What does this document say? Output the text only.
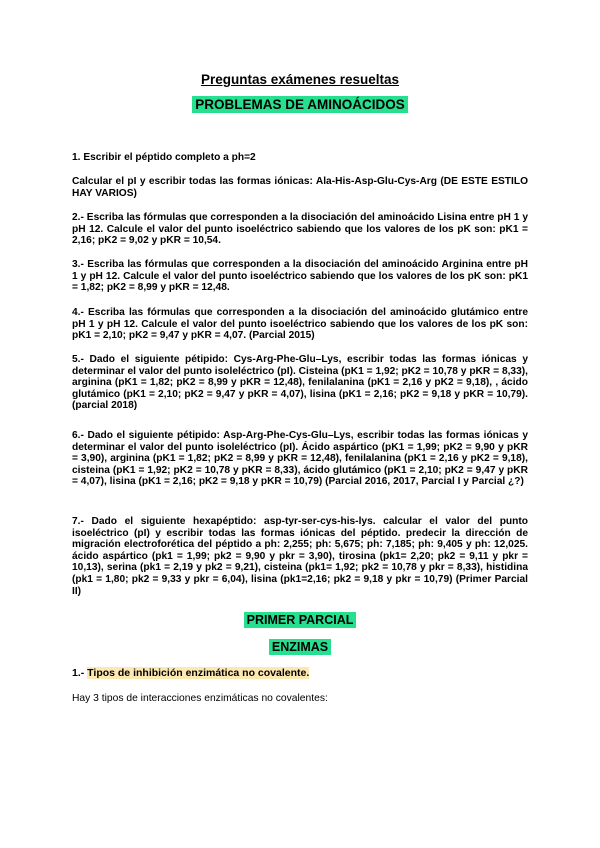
Preguntas exámenes resueltas
PROBLEMAS DE AMINOÁCIDOS

1. Escribir el péptido completo a ph=2

Calcular el pI y escribir todas las formas iónicas: Ala-His-Asp-Glu-Cys-Arg (DE ESTE ESTILO HAY VARIOS)

2.- Escriba las fórmulas que corresponden a la disociación del aminoácido Lisina entre pH 1 y pH 12. Calcule el valor del punto isoeléctrico sabiendo que los valores de los pK son: pK1 = 2,16; pK2 = 9,02 y pKR = 10,54.

3.- Escriba las fórmulas que corresponden a la disociación del aminoácido Arginina entre pH 1 y pH 12. Calcule el valor del punto isoeléctrico sabiendo que los valores de los pK son: pK1 = 1,82; pK2 = 8,99 y pKR = 12,48.

4.- Escriba las fórmulas que corresponden a la disociación del aminoácido glutámico entre pH 1 y pH 12. Calcule el valor del punto isoeléctrico sabiendo que los valores de los pK son: pK1 = 2,10; pK2 = 9,47 y pKR = 4,07. (Parcial 2015)

5.- Dado el siguiente pétipido: Cys-Arg-Phe-Glu–Lys, escribir todas las formas iónicas y determinar el valor del punto isoleléctrico (pI). Cisteina (pK1 = 1,92; pK2 = 10,78 y pKR = 8,33), arginina (pK1 = 1,82; pK2 = 8,99 y pKR = 12,48), fenilalanina (pK1 = 2,16 y pK2 = 9,18), , ácido glutámico (pK1 = 2,10; pK2 = 9,47 y pKR = 4,07), lisina (pK1 = 2,16; pK2 = 9,18 y pKR = 10,79). (parcial 2018)

6.- Dado el siguiente pétipido: Asp-Arg-Phe-Cys-Glu–Lys, escribir todas las formas iónicas y determinar el valor del punto isoleléctrico (pI). Ácido aspártico (pK1 = 1,99; pK2 = 9,90 y pKR = 3,90), arginina (pK1 = 1,82; pK2 = 8,99 y pKR = 12,48), fenilalanina (pK1 = 2,16 y pK2 = 9,18), cisteina (pK1 = 1,92; pK2 = 10,78 y pKR = 8,33), ácido glutámico (pK1 = 2,10; pK2 = 9,47 y pKR = 4,07), lisina (pK1 = 2,16; pK2 = 9,18 y pKR = 10,79) (Parcial 2016, 2017, Parcial I y Parcial ¿?)

7.- Dado el siguiente hexapéptido: asp-tyr-ser-cys-his-lys. calcular el valor del punto isoeléctrico (pI) y escribir todas las formas iónicas del péptido. predecir la dirección de migración electroforética del péptido a ph: 2,255; ph: 5,675; ph: 7,185; ph: 9,405 y ph: 12,025. ácido aspártico (pk1 = 1,99; pk2 = 9,90 y pkr = 3,90), tirosina (pk1= 2,20; pk2 = 9,11 y pkr = 10,13), serina (pk1 = 2,19 y pk2 = 9,21), cisteina (pk1= 1,92; pk2 = 10,78 y pkr = 8,33), histidina (pk1 = 1,80; pk2 = 9,33 y pkr = 6,04), lisina (pk1=2,16; pk2 = 9,18 y pkr = 10,79) (Primer Parcial II)

PRIMER PARCIAL
ENZIMAS
1.- Tipos de inhibición enzimática no covalente.
Hay 3 tipos de interacciones enzimáticas no covalentes:
